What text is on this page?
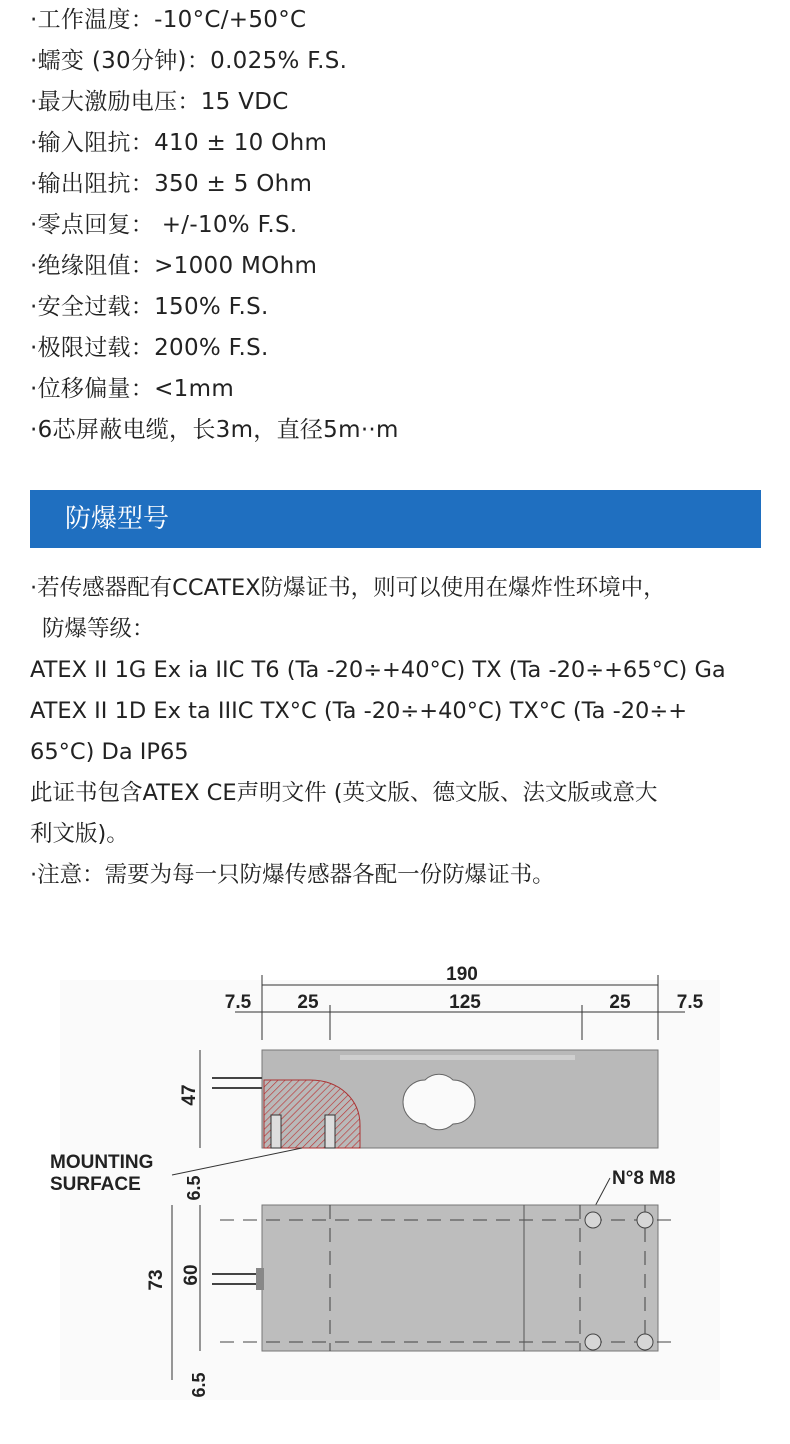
·工作温度：-10°C/+50°C
·蠕变 (30分钟)：0.025% F.S.
·最大激励电压：15 VDC
·输入阻抗：410 ± 10 Ohm
·输出阻抗：350 ± 5 Ohm
·零点回复： +/-10% F.S.
·绝缘阻值：>1000 MOhm
·安全过载：150% F.S.
·极限过载：200% F.S.
·位移偏量：<1mm
·6芯屏蔽电缆，长3m，直径5m··m
防爆型号

·若传感器配有CCATEX防爆证书，则可以使用在爆炸性环境中，

防爆等级：

ATEX II 1G Ex ia IIC T6 (Ta -20÷+40°C) TX (Ta -20÷+65°C) Ga

ATEX II 1D Ex ta IIIC TX°C (Ta -20÷+40°C) TX°C (Ta -20÷+

65°C) Da IP65

此证书包含ATEX CE声明文件 (英文版、德文版、法文版或意大

利文版)。

·注意：需要为每一只防爆传感器各配一份防爆证书。

190
7.5 25	125	25 7.5
47
MOUNTING
SURFACE 6.5	N°8 M8
73 60
6.5
